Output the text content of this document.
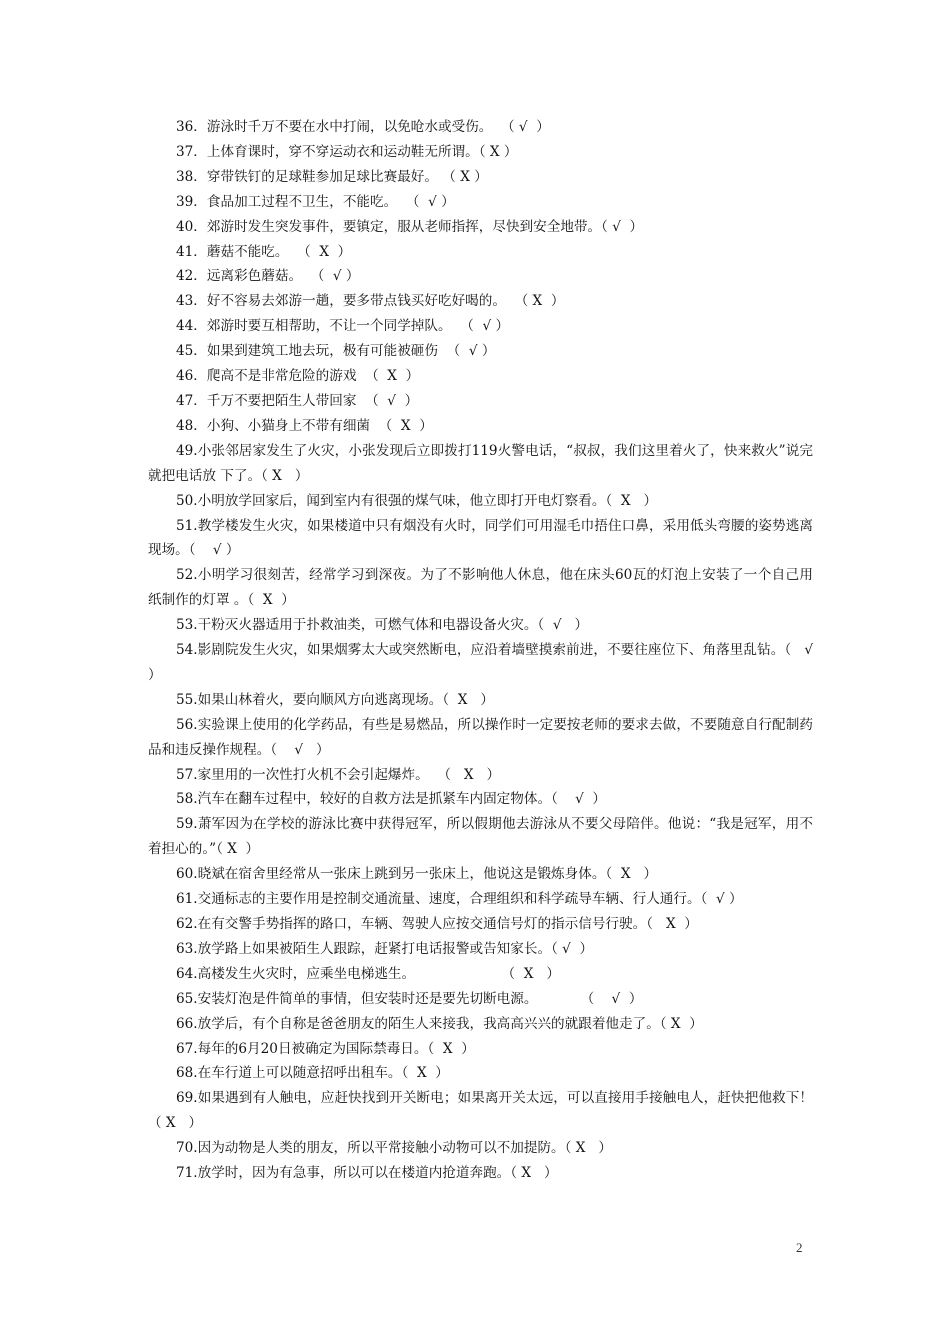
36．游泳时千万不要在水中打闹，以免呛水或受伤。  （ √  ）

37．上体育课时，穿不穿运动衣和运动鞋无所谓。（ X ）

38．穿带铁钉的足球鞋参加足球比赛最好。 （ X ）

39．食品加工过程不卫生，不能吃。  （  √ ）

40．郊游时发生突发事件，要镇定，服从老师指挥，尽快到安全地带。（ √  ）

41．蘑菇不能吃。  （  X  ）

42．远离彩色蘑菇。  （  √ ）

43．好不容易去郊游一趟，要多带点钱买好吃好喝的。  （ X  ）

44．郊游时要互相帮助，不让一个同学掉队。  （  √ ）

45．如果到建筑工地去玩，极有可能被砸伤  （  √ ）

46．爬高不是非常危险的游戏  （  X  ）

47．千万不要把陌生人带回家  （  √  ）

48．小狗、小猫身上不带有细菌  （  X  ）

49.小张邻居家发生了火灾，小张发现后立即拨打119火警电话，“叔叔，我们这里着火了，快来救火”说完就把电话放 下了。（ X   ）

50.小明放学回家后，闻到室内有很强的煤气味，他立即打开电灯察看。（  X   ）

51.教学楼发生火灾，如果楼道中只有烟没有火时，同学们可用湿毛巾捂住口鼻，采用低头弯腰的姿势逃离现场。（    √ ）

52.小明学习很刻苦，经常学习到深夜。为了不影响他人休息，他在床头60瓦的灯泡上安装了一个自己用纸制作的灯罩 。（  X  ）

53.干粉灭火器适用于扑救油类，可燃气体和电器设备火灾。（  √   ）

54.影剧院发生火灾，如果烟雾太大或突然断电，应沿着墙壁摸索前进，不要往座位下、角落里乱钻。（   √ ）

55.如果山林着火，要向顺风方向逃离现场。（  X   ）

56.实验课上使用的化学药品，有些是易燃品，所以操作时一定要按老师的要求去做，不要随意自行配制药品和违反操作规程。（    √   ）

57.家里用的一次性打火机不会引起爆炸。  （   X   ）

58.汽车在翻车过程中，较好的自救方法是抓紧车内固定物体。（    √  ）

59.萧军因为在学校的游泳比赛中获得冠军，所以假期他去游泳从不要父母陪伴。他说：“我是冠军，用不着担心的。”（ X  ）

60.晓斌在宿舍里经常从一张床上跳到另一张床上，他说这是锻炼身体。（  X   ）

61.交通标志的主要作用是控制交通流量、速度，合理组织和科学疏导车辆、行人通行。（  √ ）

62.在有交警手势指挥的路口，车辆、驾驶人应按交通信号灯的指示信号行驶。（   X  ）

63.放学路上如果被陌生人跟踪，赶紧打电话报警或告知家长。（ √  ）

64.高楼发生火灾时，应乘坐电梯逃生。                    （  X   ）

65.安装灯泡是件简单的事情，但安装时还是要先切断电源。          （    √  ）

66.放学后，有个自称是爸爸朋友的陌生人来接我，我高高兴兴的就跟着他走了。（ X  ）

67.每年的6月20日被确定为国际禁毒日。（  X  ）

68.在车行道上可以随意招呼出租车。（  X  ）

69.如果遇到有人触电，应赶快找到开关断电；如果离开关太远，可以直接用手接触电人，赶快把他救下！（ X   ）

70.因为动物是人类的朋友，所以平常接触小动物可以不加提防。（ X   ）

71.放学时，因为有急事，所以可以在楼道内抢道奔跑。（ X   ）

2
